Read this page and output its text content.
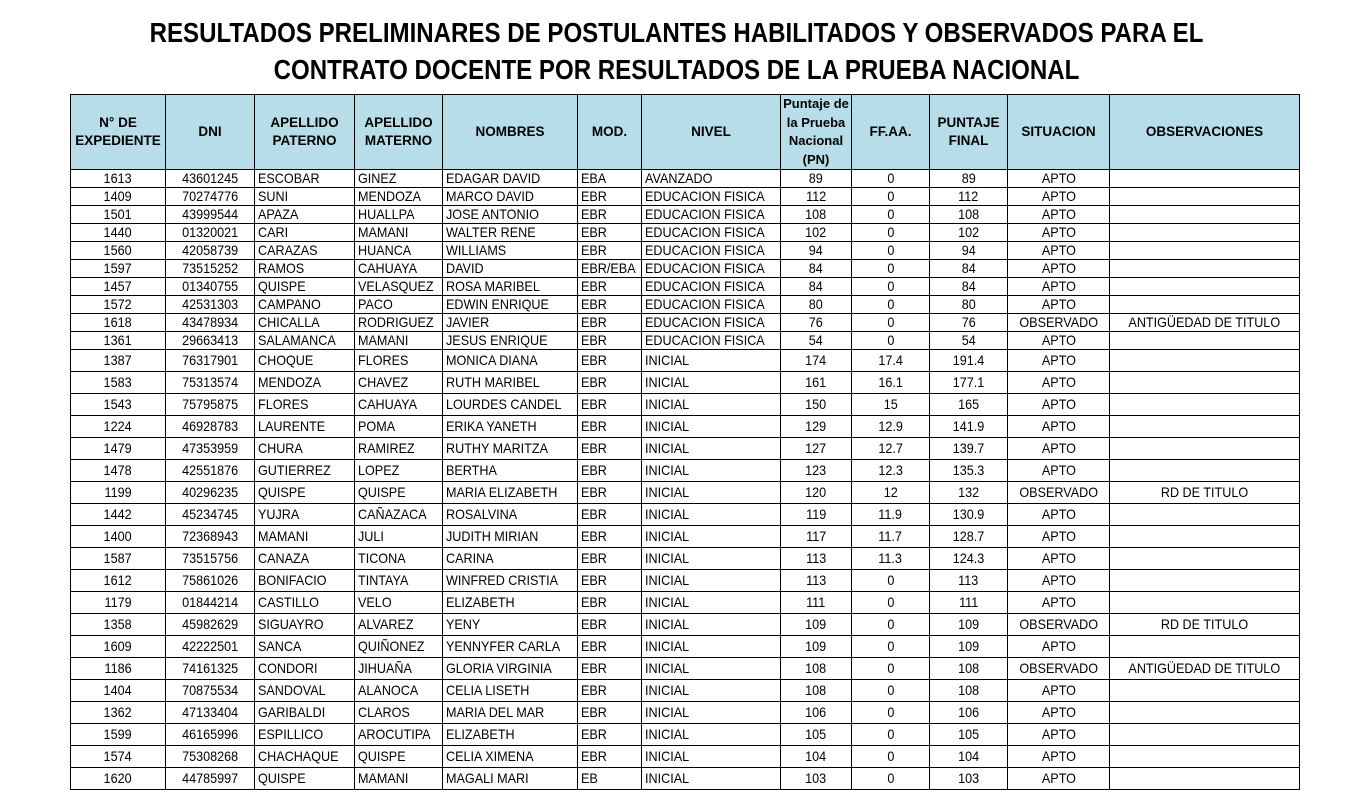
RESULTADOS PRELIMINARES DE POSTULANTES HABILITADOS Y OBSERVADOS PARA EL
CONTRATO DOCENTE POR RESULTADOS DE LA PRUEBA NACIONAL
N° DE EXPEDIENTE	DNI	APELLIDO PATERNO	APELLIDO MATERNO	NOMBRES	MOD.	NIVEL	Puntaje de la Prueba Nacional (PN)	FF.AA.	PUNTAJE FINAL	SITUACION	OBSERVACIONES
1613	43601245	ESCOBAR	GINEZ	EDAGAR DAVID	EBA	AVANZADO	89	0	89	APTO	
1409	70274776	SUNI	MENDOZA	MARCO DAVID	EBR	EDUCACION FISICA	112	0	112	APTO	
1501	43999544	APAZA	HUALLPA	JOSE ANTONIO	EBR	EDUCACION FISICA	108	0	108	APTO	
1440	01320021	CARI	MAMANI	WALTER RENE	EBR	EDUCACION FISICA	102	0	102	APTO	
1560	42058739	CARAZAS	HUANCA	WILLIAMS	EBR	EDUCACION FISICA	94	0	94	APTO	
1597	73515252	RAMOS	CAHUAYA	DAVID	EBR/EBA	EDUCACION FISICA	84	0	84	APTO	
1457	01340755	QUISPE	VELASQUEZ	ROSA MARIBEL	EBR	EDUCACION FISICA	84	0	84	APTO	
1572	42531303	CAMPANO	PACO	EDWIN ENRIQUE	EBR	EDUCACION FISICA	80	0	80	APTO	
1618	43478934	CHICALLA	RODRIGUEZ	JAVIER	EBR	EDUCACION FISICA	76	0	76	OBSERVADO	ANTIGÜEDAD DE TITULO
1361	29663413	SALAMANCA	MAMANI	JESUS ENRIQUE	EBR	EDUCACION FISICA	54	0	54	APTO	
1387	76317901	CHOQUE	FLORES	MONICA DIANA	EBR	INICIAL	174	17.4	191.4	APTO	
1583	75313574	MENDOZA	CHAVEZ	RUTH MARIBEL	EBR	INICIAL	161	16.1	177.1	APTO	
1543	75795875	FLORES	CAHUAYA	LOURDES CANDEL	EBR	INICIAL	150	15	165	APTO	
1224	46928783	LAURENTE	POMA	ERIKA YANETH	EBR	INICIAL	129	12.9	141.9	APTO	
1479	47353959	CHURA	RAMIREZ	RUTHY MARITZA	EBR	INICIAL	127	12.7	139.7	APTO	
1478	42551876	GUTIERREZ	LOPEZ	BERTHA	EBR	INICIAL	123	12.3	135.3	APTO	
1199	40296235	QUISPE	QUISPE	MARIA ELIZABETH	EBR	INICIAL	120	12	132	OBSERVADO	RD DE TITULO
1442	45234745	YUJRA	CAÑAZACA	ROSALVINA	EBR	INICIAL	119	11.9	130.9	APTO	
1400	72368943	MAMANI	JULI	JUDITH MIRIAN	EBR	INICIAL	117	11.7	128.7	APTO	
1587	73515756	CANAZA	TICONA	CARINA	EBR	INICIAL	113	11.3	124.3	APTO	
1612	75861026	BONIFACIO	TINTAYA	WINFRED CRISTIA	EBR	INICIAL	113	0	113	APTO	
1179	01844214	CASTILLO	VELO	ELIZABETH	EBR	INICIAL	111	0	111	APTO	
1358	45982629	SIGUAYRO	ALVAREZ	YENY	EBR	INICIAL	109	0	109	OBSERVADO	RD DE TITULO
1609	42222501	SANCA	QUIÑONEZ	YENNYFER CARLA	EBR	INICIAL	109	0	109	APTO	
1186	74161325	CONDORI	JIHUAÑA	GLORIA VIRGINIA	EBR	INICIAL	108	0	108	OBSERVADO	ANTIGÜEDAD DE TITULO
1404	70875534	SANDOVAL	ALANOCA	CELIA LISETH	EBR	INICIAL	108	0	108	APTO	
1362	47133404	GARIBALDI	CLAROS	MARIA DEL MAR	EBR	INICIAL	106	0	106	APTO	
1599	46165996	ESPILLICO	AROCUTIPA	ELIZABETH	EBR	INICIAL	105	0	105	APTO	
1574	75308268	CHACHAQUE	QUISPE	CELIA XIMENA	EBR	INICIAL	104	0	104	APTO	
1620	44785997	QUISPE	MAMANI	MAGALI MARI	EB	INICIAL	103	0	103	APTO	
